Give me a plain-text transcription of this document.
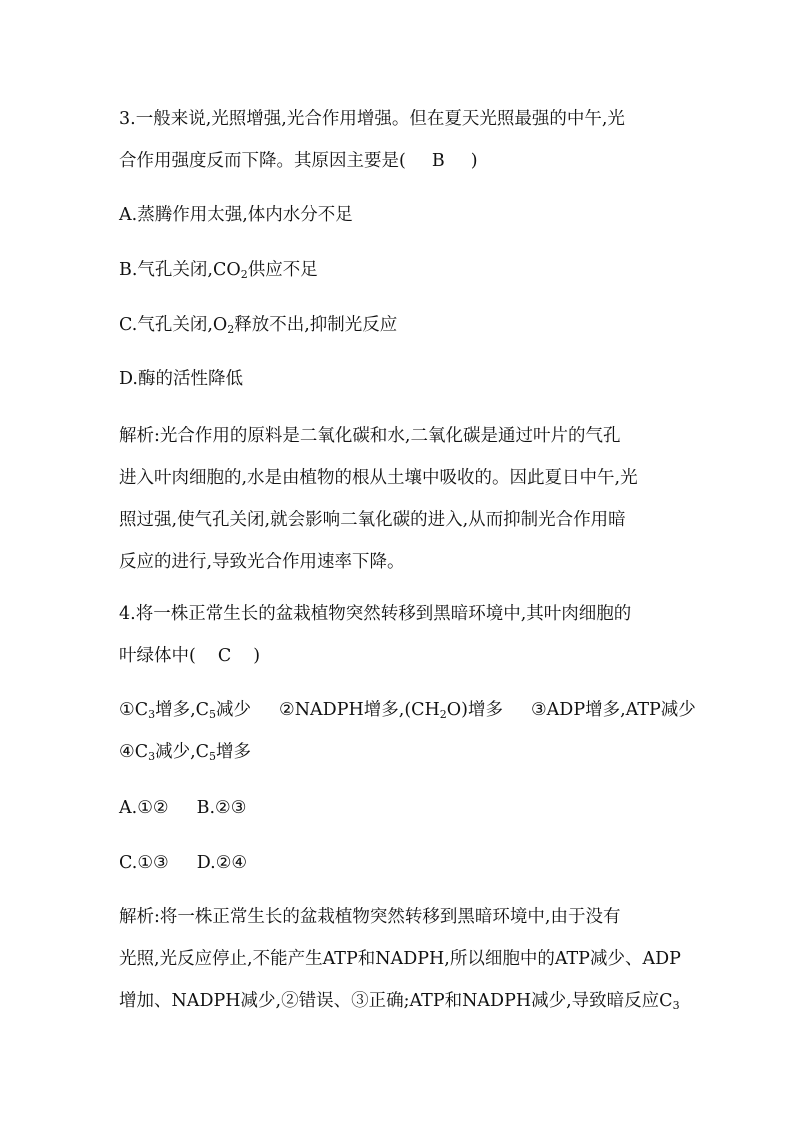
3.一般来说,光照增强,光合作用增强。但在夏天光照最强的中午,光
合作用强度反而下降。其原因主要是( B )
A.蒸腾作用太强,体内水分不足
B.气孔关闭$,CO_2$供应不足
C.气孔关闭$,O_2$释放不出,抑制光反应
D.酶的活性降低
解析:光合作用的原料是二氧化碳和水,二氧化碳是通过叶片的气孔
进入叶肉细胞的,水是由植物的根从土壤中吸收的。因此夏日中午,光
照过强,使气孔关闭,就会影响二氧化碳的进入,从而抑制光合作用暗
反应的进行,导致光合作用速率下降。
4.将一株正常生长的盆栽植物突然转移到黑暗环境中,其叶肉细胞的
叶绿体中( C )
$①C_3$增多$,C_5$减少 ②NADPH增多$,(CH_2O)$增多 ③ADP增多,ATP减少
$④C_3$减少$,C_5$增多
A.①② B.②③
C.①③ D.②④
解析:将一株正常生长的盆栽植物突然转移到黑暗环境中,由于没有
光照,光反应停止,不能产生ATP和NADPH,所以细胞中的ATP减少、ADP
增加、NADPH减少,②错误、③正确;ATP和NADPH减少,导致暗反应$C_3$
